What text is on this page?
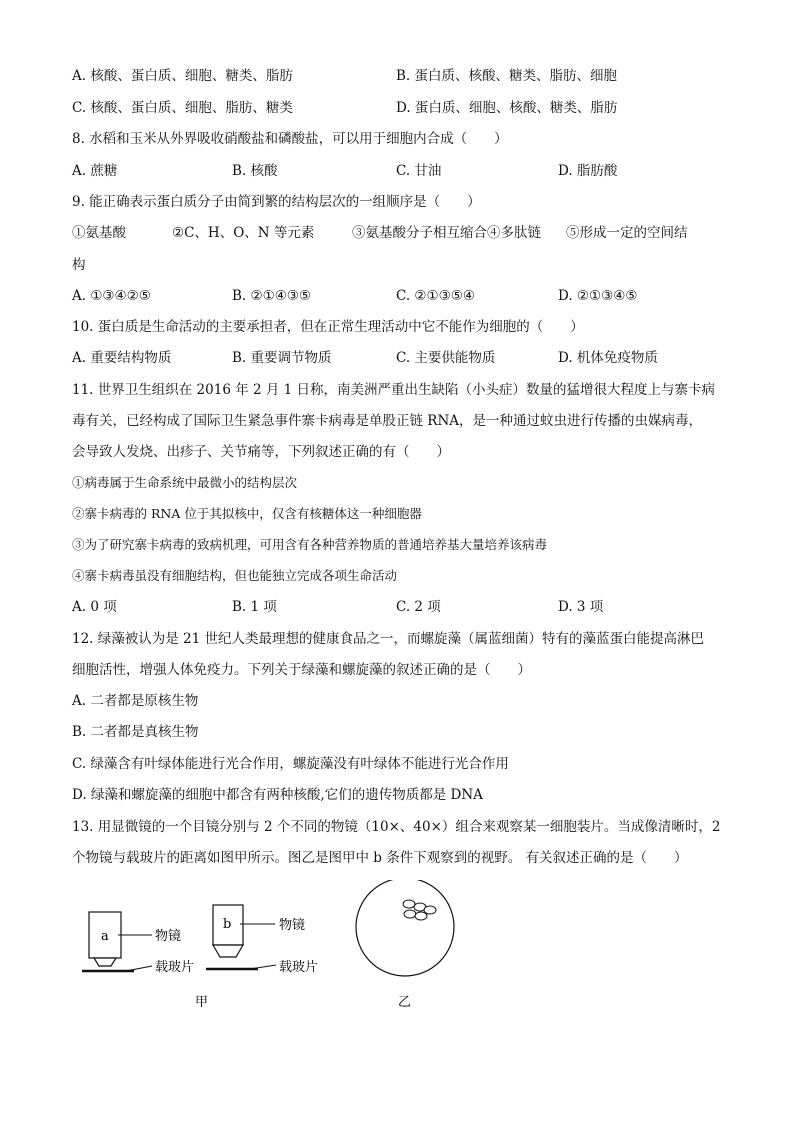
A. 核酸、蛋白质、细胞、糖类、脂肪	B. 蛋白质、核酸、糖类、脂肪、细胞
C. 核酸、蛋白质、细胞、脂肪、糖类	D. 蛋白质、细胞、核酸、糖类、脂肪
8. 水稻和玉米从外界吸收硝酸盐和磷酸盐，可以用于细胞内合成（　　）
A. 蔗糖	B. 核酸	C. 甘油	D. 脂肪酸
9. 能正确表示蛋白质分子由简到繁的结构层次的一组顺序是（　　）
①氨基酸	②C、H、O、N 等元素	③氨基酸分子相互缩合④多肽链 ⑤形成一定的空间结
构
A. ①③④②⑤	B. ②①④③⑤	C. ②①③⑤④	D. ②①③④⑤
10. 蛋白质是生命活动的主要承担者，但在正常生理活动中它不能作为细胞的（　　）
A. 重要结构物质	B. 重要调节物质	C. 主要供能物质	D. 机体免疫物质
11. 世界卫生组织在 2016 年 2 月 1 日称，南美洲严重出生缺陷（小头症）数量的猛增很大程度上与寨卡病
毒有关，已经构成了国际卫生紧急事件寨卡病毒是单股正链 RNA，是一种通过蚊虫进行传播的虫媒病毒，
会导致人发烧、出疹子、关节痛等，下列叙述正确的有（　　）
①病毒属于生命系统中最微小的结构层次
②寨卡病毒的 RNA 位于其拟核中，仅含有核糖体这一种细胞器
③为了研究寨卡病毒的致病机理，可用含有各种营养物质的普通培养基大量培养该病毒
④寨卡病毒虽没有细胞结构，但也能独立完成各项生命活动
A. 0 项	B. 1 项	C. 2 项	D. 3 项
12. 绿藻被认为是 21 世纪人类最理想的健康食品之一，而螺旋藻（属蓝细菌）特有的藻蓝蛋白能提高淋巴
细胞活性，增强人体免疫力。下列关于绿藻和螺旋藻的叙述正确的是（　　）
A. 二者都是原核生物
B. 二者都是真核生物
C. 绿藻含有叶绿体能进行光合作用，螺旋藻没有叶绿体不能进行光合作用
D. 绿藻和螺旋藻的细胞中都含有两种核酸,它们的遗传物质都是 DNA
13. 用显微镜的一个目镜分别与 2 个不同的物镜（10×、40×）组合来观察某一细胞装片。当成像清晰时，2
个物镜与载玻片的距离如图甲所示。图乙是图甲中 b 条件下观察到的视野。 有关叙述正确的是（　　）
a	物镜
载玻片
b	物镜
载玻片
甲	乙
